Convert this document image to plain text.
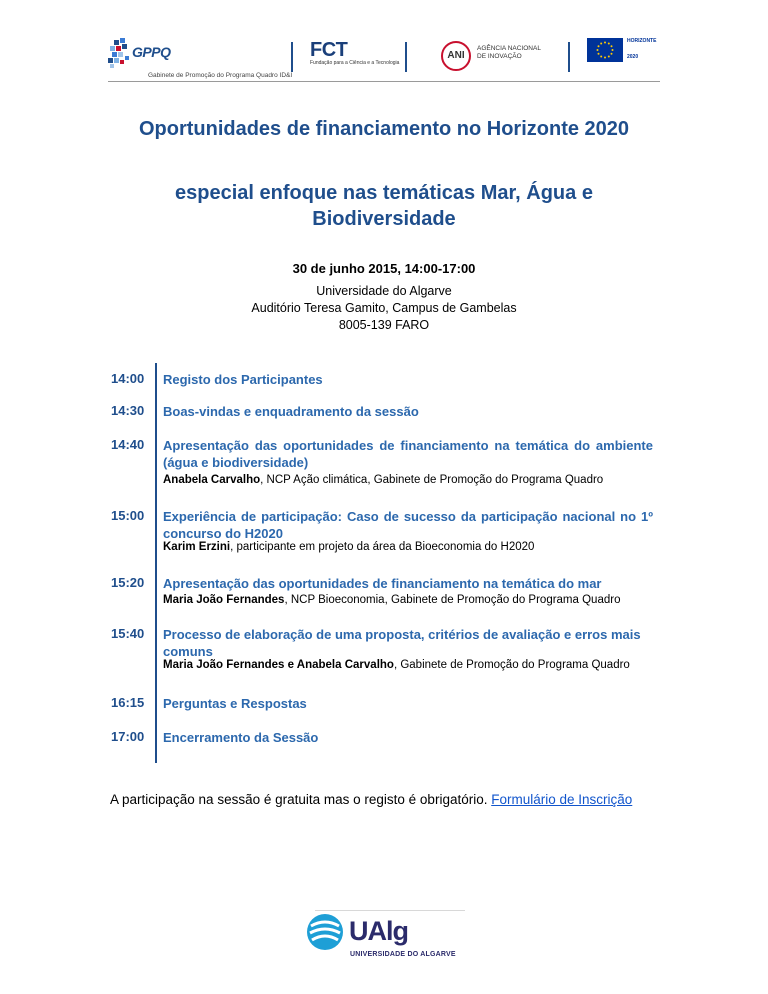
GPPQ
Gabinete de Promoção do Programa Quadro ID&I
FCT
Fundação para a Ciência e a Tecnologia
ANI
AGÊNCIA NACIONAL
DE INOVAÇÃO
HORIZONTE
2020
Oportunidades de financiamento no Horizonte 2020
especial enfoque nas temáticas Mar, Água e Biodiversidade
30 de junho 2015, 14:00-17:00
Universidade do Algarve
Auditório Teresa Gamito, Campus de Gambelas
8005-139 FARO
14:00	Registo dos Participantes
14:30	Boas-vindas e enquadramento da sessão
14:40	Apresentação das oportunidades de financiamento na temática do ambiente (água e biodiversidade)
Anabela Carvalho, NCP Ação climática, Gabinete de Promoção do Programa Quadro
15:00	Experiência de participação: Caso de sucesso da participação nacional no 1º concurso do H2020
Karim Erzini, participante em projeto da área da Bioeconomia do H2020
15:20	Apresentação das oportunidades de financiamento na temática do mar
Maria João Fernandes, NCP Bioeconomia, Gabinete de Promoção do Programa Quadro
15:40	Processo de elaboração de uma proposta, critérios de avaliação e erros mais comuns
Maria João Fernandes e Anabela Carvalho, Gabinete de Promoção do Programa Quadro
16:15	Perguntas e Respostas
17:00	Encerramento da Sessão
A participação na sessão é gratuita mas o registo é obrigatório. Formulário de Inscrição
UAlg
UNIVERSIDADE DO ALGARVE
